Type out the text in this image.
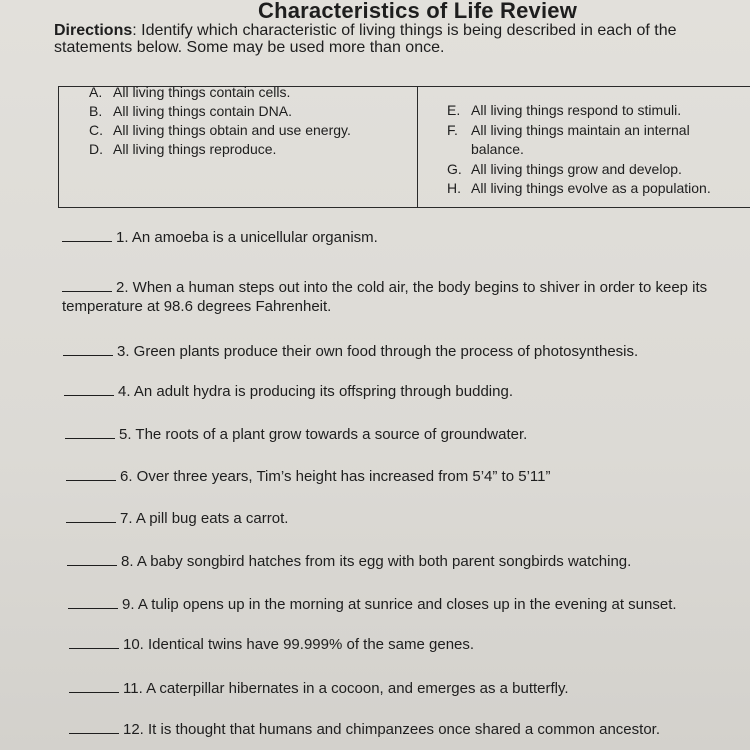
Characteristics of Life Review
Directions: Identify which characteristic of living things is being described in each of the statements below. Some may be used more than once.
A. All living things contain cells.
B. All living things contain DNA.
C. All living things obtain and use energy.
D. All living things reproduce.
E. All living things respond to stimuli.
F. All living things maintain an internal
balance.
G. All living things grow and develop.
H. All living things evolve as a population.
1. An amoeba is a unicellular organism.
2. When a human steps out into the cold air, the body begins to shiver in order to keep its temperature at 98.6 degrees Fahrenheit.
3. Green plants produce their own food through the process of photosynthesis.
4. An adult hydra is producing its offspring through budding.
5. The roots of a plant grow towards a source of groundwater.
6. Over three years, Tim’s height has increased from 5’4” to 5’11”
7. A pill bug eats a carrot.
8. A baby songbird hatches from its egg with both parent songbirds watching.
9. A tulip opens up in the morning at sunrice and closes up in the evening at sunset.
10. Identical twins have 99.999% of the same genes.
11. A caterpillar hibernates in a cocoon, and emerges as a butterfly.
12. It is thought that humans and chimpanzees once shared a common ancestor.
